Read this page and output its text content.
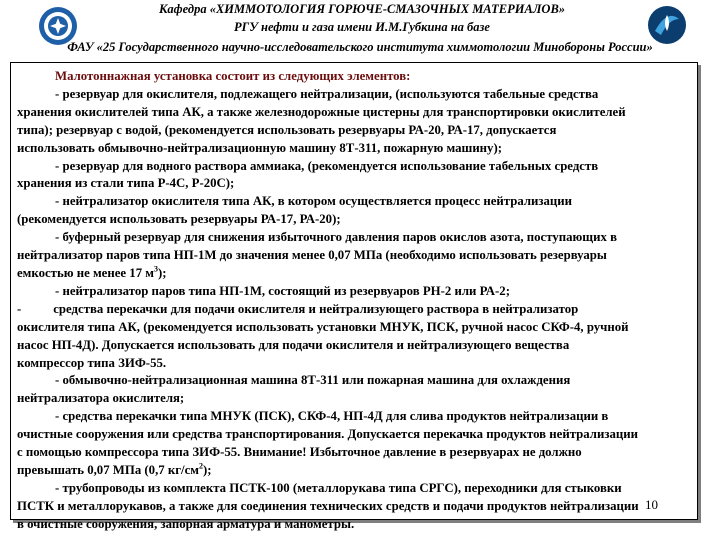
Кафедра «ХИММОТОЛОГИЯ ГОРЮЧЕ-СМАЗОЧНЫХ МАТЕРИАЛОВ»
РГУ нефти и газа имени И.М.Губкина на базе
ФАУ «25 Государственного научно-исследовательского института химмотологии Минобороны России»

Малотоннажная установка состоит из следующих элементов:

- резервуар для окислителя, подлежащего нейтрализации, (используются табельные средства

хранения окислителей типа АК, а также железнодорожные цистерны для транспортировки окислителей

типа); резервуар с водой, (рекомендуется использовать резервуары РА-20, РА-17, допускается

использовать обмывочно-нейтрализационную машину 8Т-311, пожарную машину);

- резервуар для водного раствора аммиака, (рекомендуется использование табельных средств

хранения из стали типа Р-4С, Р-20С);

- нейтрализатор окислителя типа АК, в котором осуществляется процесс нейтрализации

(рекомендуется использовать резервуары РА-17, РА-20);

- буферный резервуар для снижения избыточного давления паров окислов азота, поступающих в

нейтрализатор паров типа НП-1М до значения менее 0,07 МПа (необходимо использовать резервуары

емкостью не менее 17 $м^3$);

- нейтрализатор паров типа НП-1М, состоящий из резервуаров РН-2 или РА-2;

-          средства перекачки для подачи окислителя и нейтрализующего раствора в нейтрализатор

окислителя типа АК, (рекомендуется использовать установки МНУК, ПСК, ручной насос СКФ-4, ручной

насос НП-4Д). Допускается использовать для подачи окислителя и нейтрализующего вещества

компрессор типа ЗИФ-55.

- обмывочно-нейтрализационная машина 8Т-311 или пожарная машина для охлаждения

нейтрализатора окислителя;

- средства перекачки типа МНУК (ПСК), СКФ-4, НП-4Д для слива продуктов нейтрализации в

очистные сооружения или средства транспортирования. Допускается перекачка продуктов нейтрализации

с помощью компрессора типа ЗИФ-55. Внимание! Избыточное давление в резервуарах не должно

превышать 0,07 МПа (0,7 $кг/см^2$);

- трубопроводы из комплекта ПСТК-100 (металлорукава типа СРГС), переходники для стыковки

ПСТК и металлорукавов, а также для соединения технических средств и подачи продуктов нейтрализации

в очистные сооружения, запорная арматура и манометры.

10
